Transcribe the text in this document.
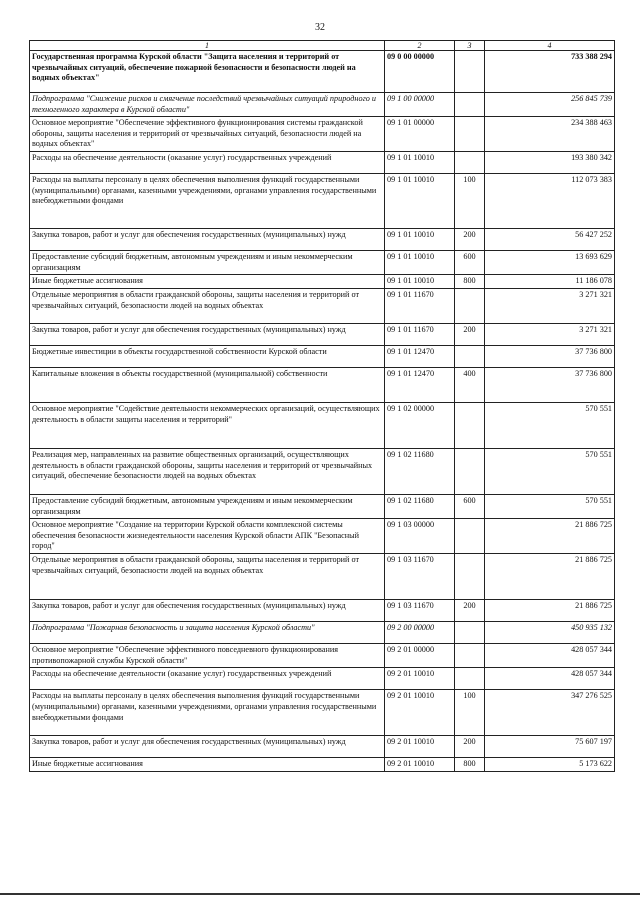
32
1	2	3	4
Государственная программа Курской области "Защита населения и территорий от чрезвычайных ситуаций, обеспечение пожарной безопасности и безопасности людей на водных объектах"	09 0 00 00000		733 388 294
Подпрограмма "Снижение рисков и смягчение последствий чрезвычайных ситуаций природного и техногенного характера в Курской области"	09 1 00 00000		256 845 739
Основное мероприятие "Обеспечение эффективного функционирования системы гражданской обороны, защиты населения и территорий от чрезвычайных ситуаций, безопасности людей на водных объектах"	09 1 01 00000		234 388 463
Расходы на обеспечение деятельности (оказание услуг) государственных учреждений	09 1 01 10010		193 380 342
Расходы на выплаты персоналу в целях обеспечения выполнения функций государственными (муниципальными) органами, казенными учреждениями, органами управления государственными внебюджетными фондами	09 1 01 10010	100	112 073 383
Закупка товаров, работ и услуг для обеспечения государственных (муниципальных) нужд	09 1 01 10010	200	56 427 252
Предоставление субсидий бюджетным, автономным учреждениям и иным некоммерческим организациям	09 1 01 10010	600	13 693 629
Иные бюджетные ассигнования	09 1 01 10010	800	11 186 078
Отдельные мероприятия в области гражданской обороны, защиты населения и территорий от чрезвычайных ситуаций, безопасности людей на водных объектах	09 1 01 11670		3 271 321
Закупка товаров, работ и услуг для обеспечения государственных (муниципальных) нужд	09 1 01 11670	200	3 271 321
Бюджетные инвестиции в объекты государственной собственности Курской области	09 1 01 12470		37 736 800
Капитальные вложения в объекты государственной (муниципальной) собственности	09 1 01 12470	400	37 736 800
Основное мероприятие "Содействие деятельности некоммерческих организаций, осуществляющих деятельность в области защиты населения и территорий"	09 1 02 00000		570 551
Реализация мер, направленных на развитие общественных организаций, осуществляющих деятельность в области гражданской обороны, защиты населения и территорий от чрезвычайных ситуаций, обеспечение безопасности людей на водных объектах	09 1 02 11680		570 551
Предоставление субсидий бюджетным, автономным учреждениям и иным некоммерческим организациям	09 1 02 11680	600	570 551
Основное мероприятие "Создание на территории Курской области комплексной системы обеспечения безопасности жизнедеятельности населения Курской области АПК "Безопасный город"	09 1 03 00000		21 886 725
Отдельные мероприятия в области гражданской обороны, защиты населения и территорий от чрезвычайных ситуаций, безопасности людей на водных объектах	09 1 03 11670		21 886 725
Закупка товаров, работ и услуг для обеспечения государственных (муниципальных) нужд	09 1 03 11670	200	21 886 725
Подпрограмма "Пожарная безопасность и защита населения Курской области"	09 2 00 00000		450 935 132
Основное мероприятие "Обеспечение эффективного повседневного функционирования противопожарной службы Курской области"	09 2 01 00000		428 057 344
Расходы на обеспечение деятельности (оказание услуг) государственных учреждений	09 2 01 10010		428 057 344
Расходы на выплаты персоналу в целях обеспечения выполнения функций государственными (муниципальными) органами, казенными учреждениями, органами управления государственными внебюджетными фондами	09 2 01 10010	100	347 276 525
Закупка товаров, работ и услуг для обеспечения государственных (муниципальных) нужд	09 2 01 10010	200	75 607 197
Иные бюджетные ассигнования	09 2 01 10010	800	5 173 622
